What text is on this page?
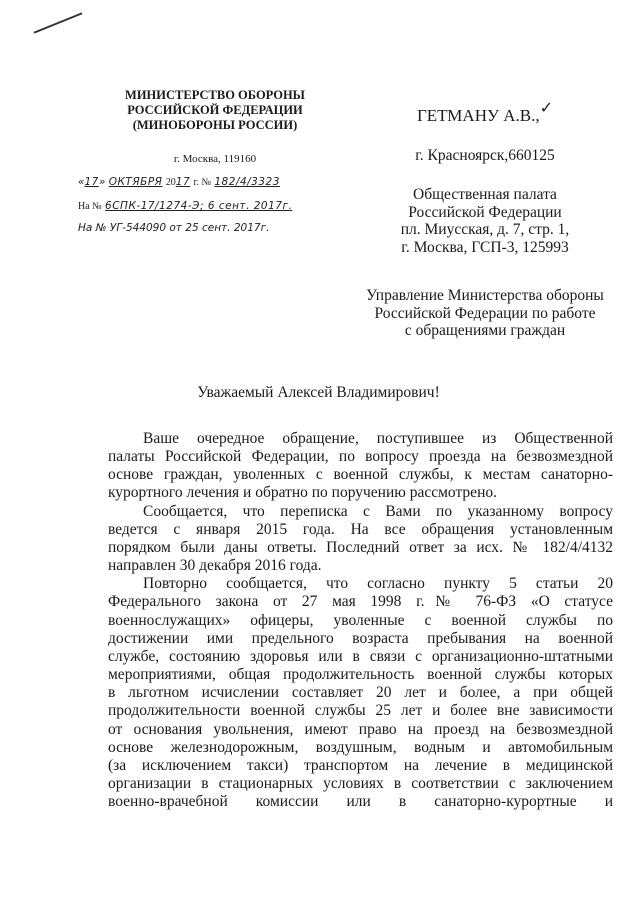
МИНИСТЕРСТВО ОБОРОНЫ
РОССИЙСКОЙ ФЕДЕРАЦИИ
(МИНОБОРОНЫ РОССИИ)
г. Москва, 119160
«17» ОКТЯБРЯ 2017 г. № 182/4/3323
На № 6СПК-17/1274-Э; 6 сент. 2017г.
На № УГ-544090 от 25 сент. 2017г.
ГЕТМАНУ А.В.,✓
г. Красноярск,660125
Общественная палата
Российской Федерации
пл. Миусская, д. 7, стр. 1,
г. Москва, ГСП-3, 125993
Управление Министерства обороны
Российской Федерации по работе
с обращениями граждан
Уважаемый Алексей Владимирович!
Ваше очередное обращение, поступившее из Общественной
палаты Российской Федерации, по вопросу проезда на безвозмездной
основе граждан, уволенных с военной службы, к местам санаторно-
курортного лечения и обратно по поручению рассмотрено.
Сообщается, что переписка с Вами по указанному вопросу
ведется с января 2015 года. На все обращения установленным
порядком были даны ответы. Последний ответ за исх. № 182/4/4132
направлен 30 декабря 2016 года.
Повторно сообщается, что согласно пункту 5 статьи 20
Федерального закона от 27 мая 1998 г.№ 76-ФЗ «О статусе
военнослужащих» офицеры, уволенные с военной службы по
достижении ими предельного возраста пребывания на военной
службе, состоянию здоровья или в связи с организационно-штатными
мероприятиями, общая продолжительность военной службы которых
в льготном исчислении составляет 20 лет и более, а при общей
продолжительности военной службы 25 лет и более вне зависимости
от основания увольнения, имеют право на проезд на безвозмездной
основе железнодорожным, воздушным, водным и автомобильным
(за исключением такси) транспортом на лечение в медицинской
организации в стационарных условиях в соответствии с заключением
военно-врачебной комиссии или в санаторно-курортные и
